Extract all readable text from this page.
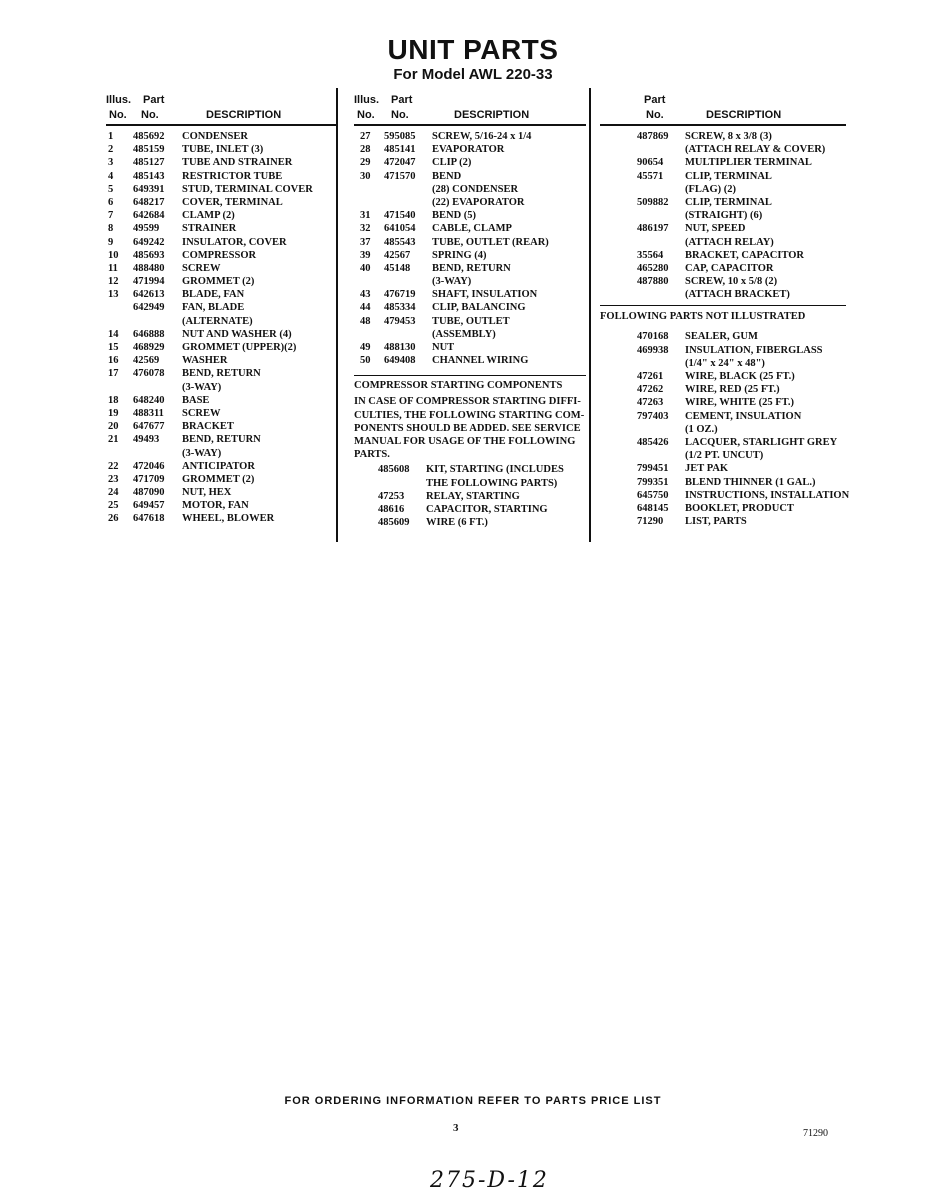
UNIT PARTS
For Model AWL 220-33
Illus. Part
No. No.	DESCRIPTION
1 485692 CONDENSER
2 485159 TUBE, INLET (3)
3 485127 TUBE AND STRAINER
4 485143 RESTRICTOR TUBE
5 649391 STUD, TERMINAL COVER
6 648217 COVER, TERMINAL
7 642684 CLAMP (2)
8 49599 STRAINER
9 649242 INSULATOR, COVER
10 485693 COMPRESSOR
11 488480 SCREW
12 471994 GROMMET (2)
13 642613 BLADE, FAN
642949 FAN, BLADE
(ALTERNATE)
14 646888 NUT AND WASHER (4)
15 468929 GROMMET (UPPER)(2)
16 42569 WASHER
17 476078 BEND, RETURN
(3-WAY)
18 648240 BASE
19 488311 SCREW
20 647677 BRACKET
21 49493 BEND, RETURN
(3-WAY)
22 472046 ANTICIPATOR
23 471709 GROMMET (2)
24 487090 NUT, HEX
25 649457 MOTOR, FAN
26 647618 WHEEL, BLOWER
Illus. Part
No. No.	DESCRIPTION
27 595085 SCREW, 5/16-24 x 1/4
28 485141 EVAPORATOR
29 472047 CLIP (2)
30 471570 BEND
(28) CONDENSER
(22) EVAPORATOR
31 471540 BEND (5)
32 641054 CABLE, CLAMP
37 485543 TUBE, OUTLET (REAR)
39 42567 SPRING (4)
40 45148 BEND, RETURN
(3-WAY)
43 476719 SHAFT, INSULATION
44 485334 CLIP, BALANCING
48 479453 TUBE, OUTLET
(ASSEMBLY)
49 488130 NUT
50 649408 CHANNEL WIRING
COMPRESSOR STARTING COMPONENTS
IN CASE OF COMPRESSOR STARTING DIFFI-
CULTIES, THE FOLLOWING STARTING COM-
PONENTS SHOULD BE ADDED. SEE SERVICE
MANUAL FOR USAGE OF THE FOLLOWING
PARTS.
485608 KIT, STARTING (INCLUDES
THE FOLLOWING PARTS)
47253 RELAY, STARTING
48616 CAPACITOR, STARTING
485609 WIRE (6 FT.)
Part
No.	DESCRIPTION
487869 SCREW, 8 x 3/8 (3)
(ATTACH RELAY & COVER)
90654 MULTIPLIER TERMINAL
45571 CLIP, TERMINAL
(FLAG) (2)
509882 CLIP, TERMINAL
(STRAIGHT) (6)
486197 NUT, SPEED
(ATTACH RELAY)
35564 BRACKET, CAPACITOR
465280 CAP, CAPACITOR
487880 SCREW, 10 x 5/8 (2)
(ATTACH BRACKET)
FOLLOWING PARTS NOT ILLUSTRATED
470168 SEALER, GUM
469938 INSULATION, FIBERGLASS
(1/4" x 24" x 48")
47261 WIRE, BLACK (25 FT.)
47262 WIRE, RED (25 FT.)
47263 WIRE, WHITE (25 FT.)
797403 CEMENT, INSULATION
(1 OZ.)
485426 LACQUER, STARLIGHT GREY
(1/2 PT. UNCUT)
799451 JET PAK
799351 BLEND THINNER (1 GAL.)
645750 INSTRUCTIONS, INSTALLATION
648145 BOOKLET, PRODUCT
71290 LIST, PARTS
FOR ORDERING INFORMATION REFER TO PARTS PRICE LIST
3	71290
275-D-12
